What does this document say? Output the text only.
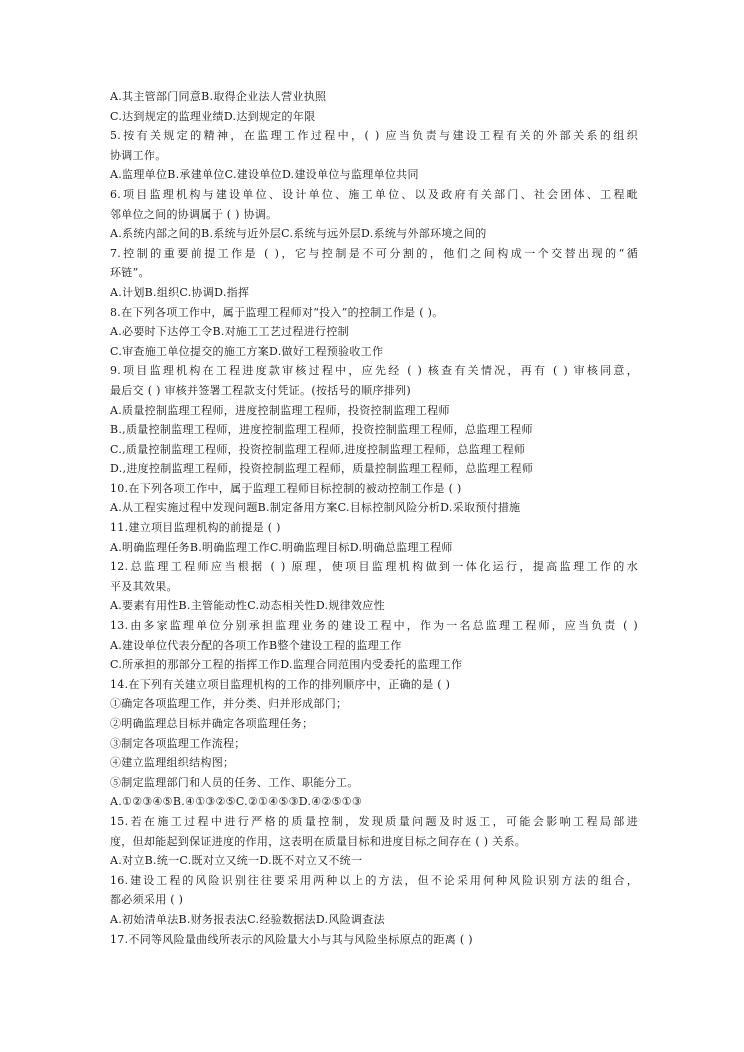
A.其主管部门同意B.取得企业法人营业执照
C.达到规定的监理业绩D.达到规定的年限
5.按有关规定的精神，在监理工作过程中，( ) 应当负责与建设工程有关的外部关系的组织
协调工作。
A.监理单位B.承建单位C.建设单位D.建设单位与监理单位共同
6.项目监理机构与建设单位、设计单位、施工单位、以及政府有关部门、社会团体、工程毗
邻单位之间的协调属于 ( ) 协调。
A.系统内部之间的B.系统与近外层C.系统与远外层D.系统与外部环境之间的
7.控制的重要前提工作是 ( )，它与控制是不可分割的，他们之间构成一个交替出现的“循
环链”。
A.计划B.组织C.协调D.指挥
8.在下列各项工作中，属于监理工程师对“投入”的控制工作是 ( )。
A.必要时下达停工令B.对施工工艺过程进行控制
C.审查施工单位提交的施工方案D.做好工程预验收工作
9.项目监理机构在工程进度款审核过程中，应先经 ( ) 核查有关情况，再有 ( ) 审核同意，
最后交 ( ) 审核并签署工程款支付凭证。(按括号的顺序排列)
A.质量控制监理工程师，进度控制监理工程师，投资控制监理工程师
B.,质量控制监理工程师，进度控制监理工程师，投资控制监理工程师，总监理工程师
C.,质量控制监理工程师，投资控制监理工程师,进度控制监理工程师，总监理工程师
D.,进度控制监理工程师，投资控制监理工程师，质量控制监理工程师，总监理工程师
10.在下列各项工作中，属于监理工程师目标控制的被动控制工作是 ( )
A.从工程实施过程中发现问题B.制定备用方案C.目标控制风险分析D.采取预付措施
11.建立项目监理机构的前提是 ( )
A.明确监理任务B.明确监理工作C.明确监理目标D.明确总监理工程师
12.总监理工程师应当根据 ( ) 原理，使项目监理机构做到一体化运行，提高监理工作的水
平及其效果。
A.要素有用性B.主管能动性C.动态相关性D.规律效应性
13.由多家监理单位分别承担监理业务的建设工程中，作为一名总监理工程师，应当负责 ( )
A.建设单位代表分配的各项工作B整个建设工程的监理工作
C.所承担的那部分工程的指挥工作D.监理合同范围内受委托的监理工作
14.在下列有关建立项目监理机构的工作的排列顺序中，正确的是 ( )
①确定各项监理工作，并分类、归并形成部门；
②明确监理总目标并确定各项监理任务；
③制定各项监理工作流程；
④建立监理组织结构图；
⑤制定监理部门和人员的任务、工作、职能分工。
A.①②③④⑤B.④①③②⑤C.②①④⑤③D.④②⑤①③
15.若在施工过程中进行严格的质量控制，发现质量问题及时返工，可能会影响工程局部进
度，但却能起到保证进度的作用，这表明在质量目标和进度目标之间存在 ( ) 关系。
A.对立B.统一C.既对立又统一D.既不对立又不统一
16.建设工程的风险识别往往要采用两种以上的方法，但不论采用何种风险识别方法的组合，
都必须采用 ( )
A.初始清单法B.财务报表法C.经验数据法D.风险调查法
17.不同等风险量曲线所表示的风险量大小与其与风险坐标原点的距离 ( )
